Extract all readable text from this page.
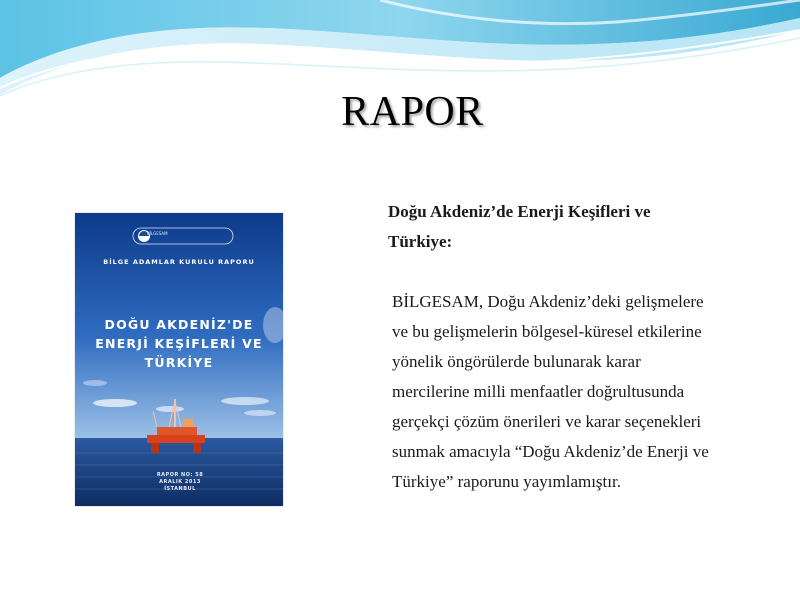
RAPOR
BİLGE ADAMLAR KURULU RAPORU
DOĞU AKDENİZ'DE
ENERJİ KEŞİFLERİ VE
TÜRKİYE
RAPOR NO: 58
ARALIK 2013
İSTANBUL
BİLGESAM
Doğu Akdeniz’de Enerji Keşifleri ve
Türkiye:
BİLGESAM, Doğu Akdeniz’deki gelişmelere
ve bu gelişmelerin bölgesel-küresel etkilerine
yönelik öngörülerde bulunarak karar
mercilerine milli menfaatler doğrultusunda
gerçekçi çözüm önerileri ve karar seçenekleri
sunmak amacıyla “Doğu Akdeniz’de Enerji ve
Türkiye” raporunu yayımlamıştır.
